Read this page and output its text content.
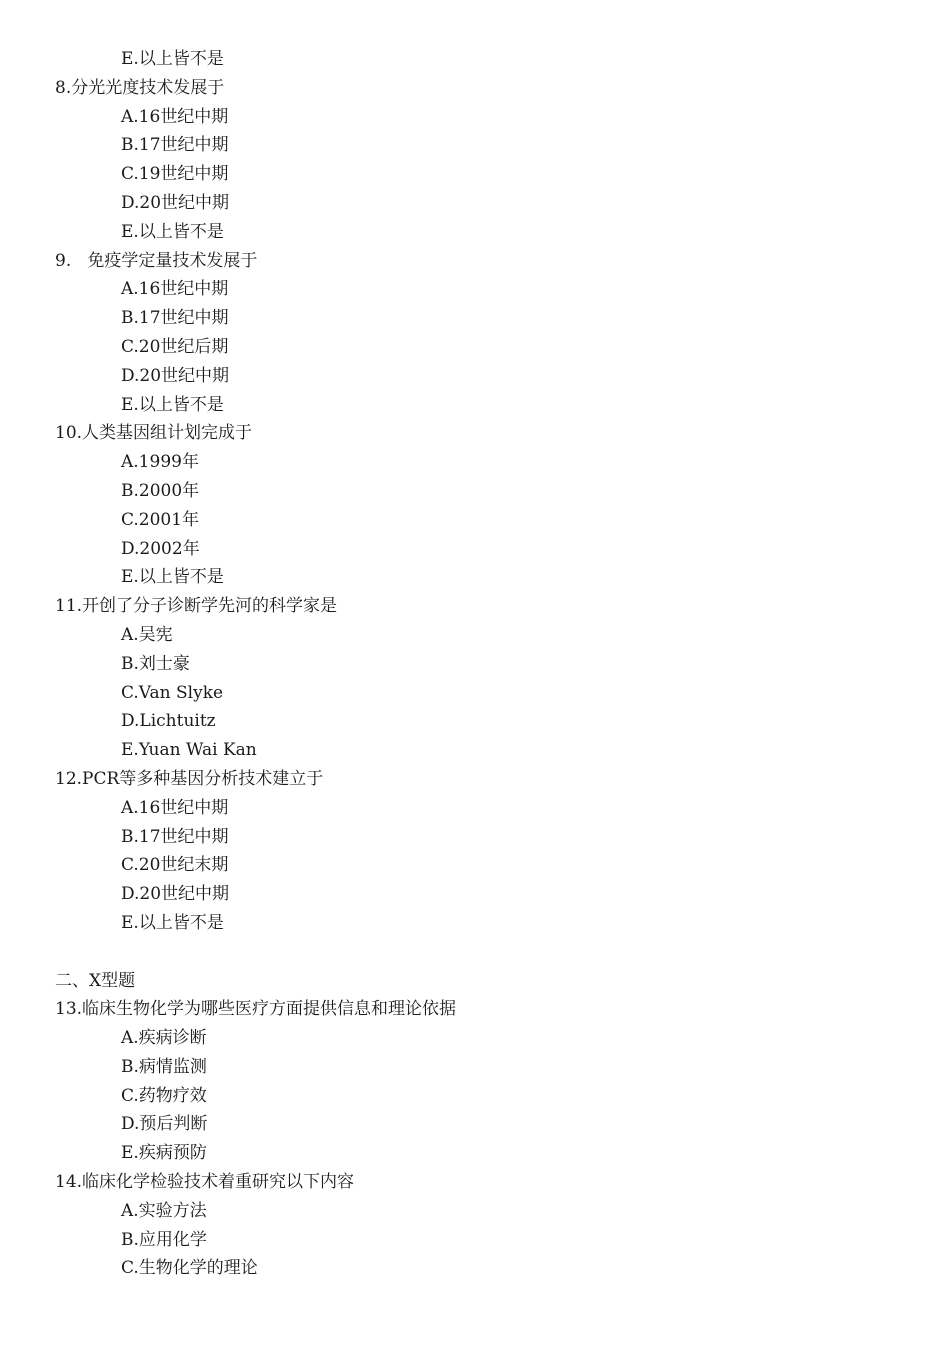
E.以上皆不是
8.分光光度技术发展于
A.16世纪中期
B.17世纪中期
C.19世纪中期
D.20世纪中期
E.以上皆不是
9.   免疫学定量技术发展于
A.16世纪中期
B.17世纪中期
C.20世纪后期
D.20世纪中期
E.以上皆不是
10.人类基因组计划完成于
A.1999年
B.2000年
C.2001年
D.2002年
E.以上皆不是
11.开创了分子诊断学先河的科学家是
A.吴宪
B.刘士豪
C.Van Slyke
D.Lichtuitz
E.Yuan Wai Kan
12.PCR等多种基因分析技术建立于
A.16世纪中期
B.17世纪中期
C.20世纪末期
D.20世纪中期
E.以上皆不是
二、X型题
13.临床生物化学为哪些医疗方面提供信息和理论依据
A.疾病诊断
B.病情监测
C.药物疗效
D.预后判断
E.疾病预防
14.临床化学检验技术着重研究以下内容
A.实验方法
B.应用化学
C.生物化学的理论
